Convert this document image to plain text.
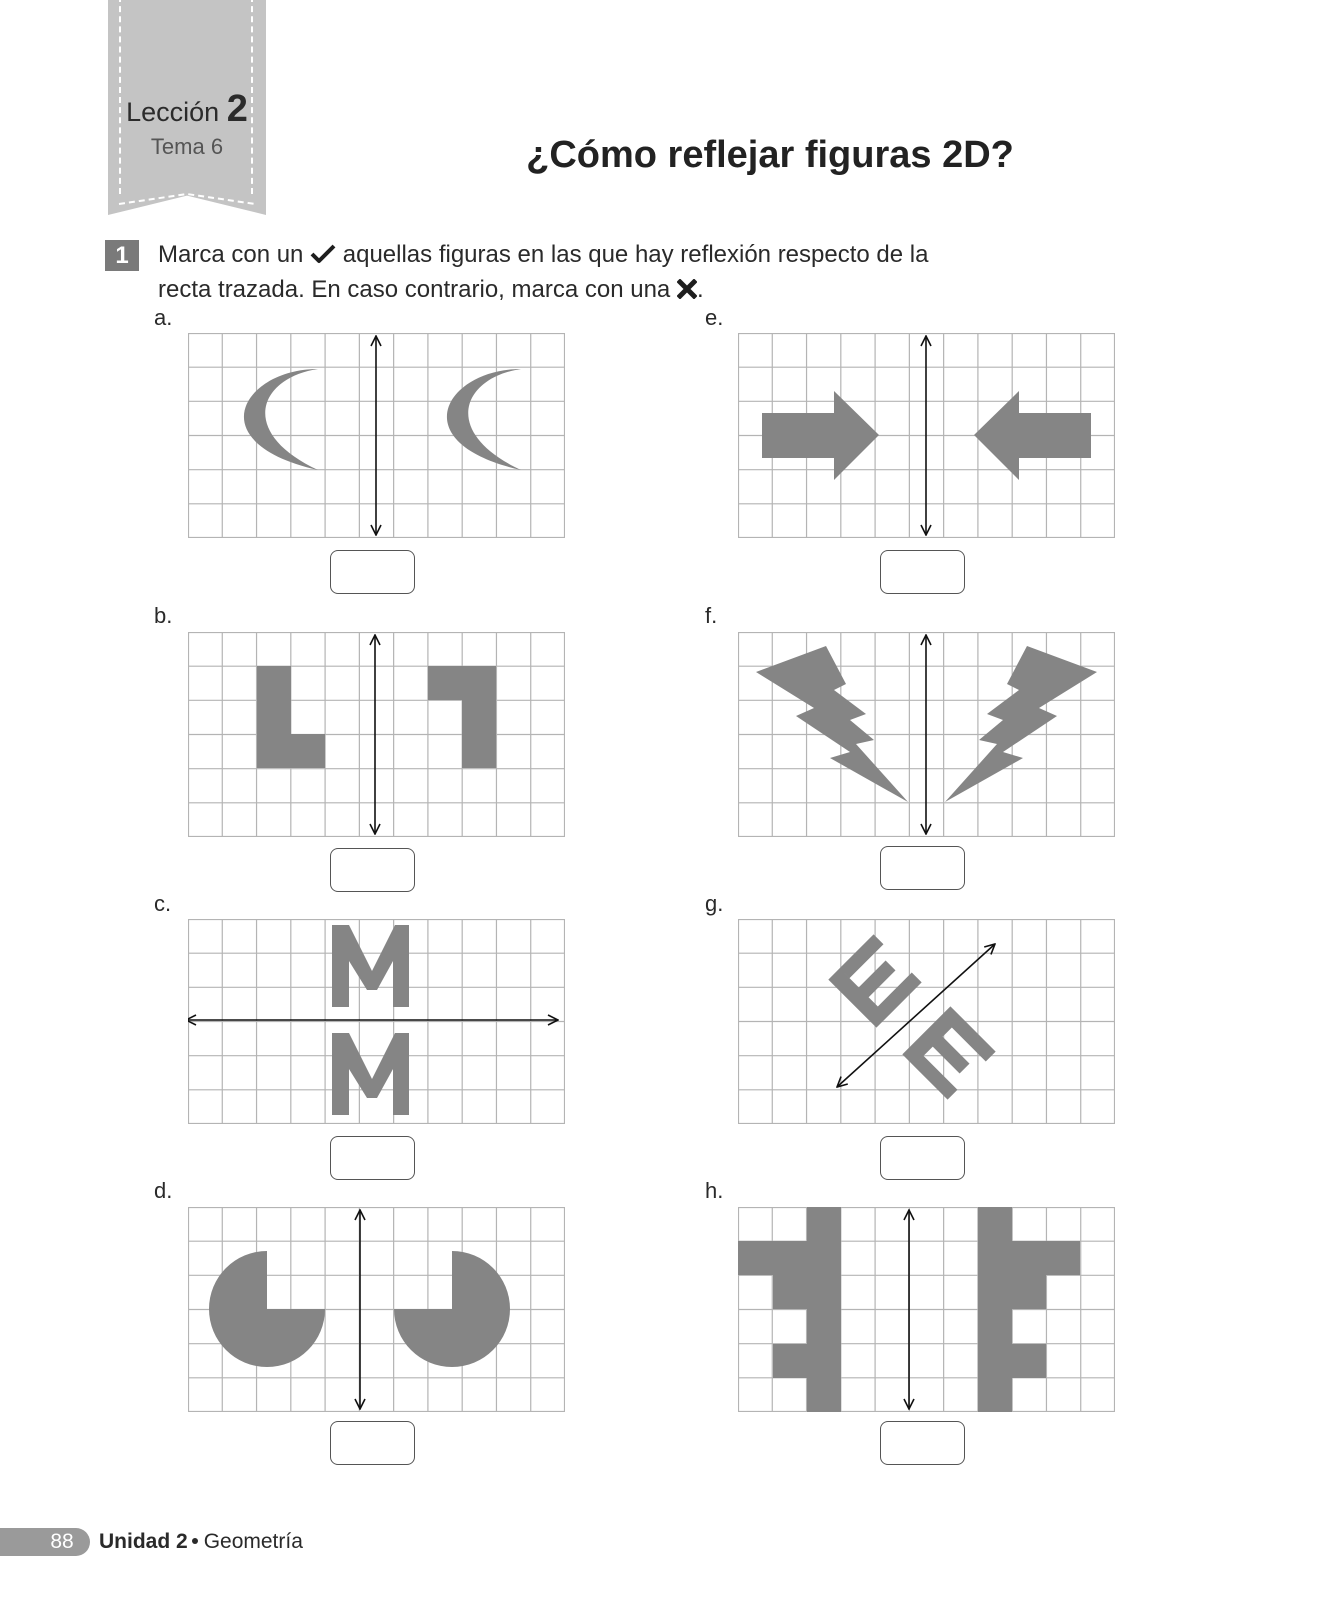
Lección 2
Tema 6	¿Cómo reflejar figuras 2D?
1	Marca con un aquellas figuras en las que hay reflexión respecto de la
recta trazada. En caso contrario, marca con una .
a.
b.
c.
d.
e.
f.
g.
h.
88	Unidad 2 Geometría
